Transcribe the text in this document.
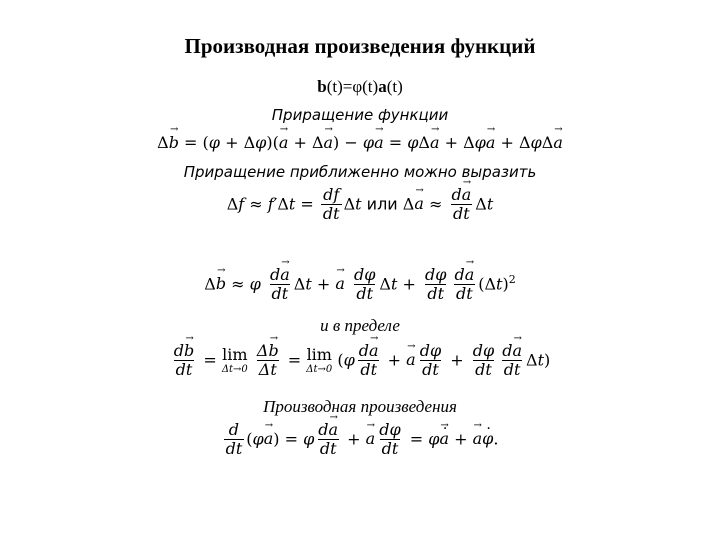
Производная произведения функций
b(t)=φ(t)a(t)
Приращение функции
Δb → = (φ + Δφ)(a → + Δa →) − φa → = φΔa → + Δφa → + ΔφΔa →
Приращение приближенно можно выразить
$\Delta f \approx f'\Delta t = \frac{df}{dt}$ Δt или Δa → ≈ $\frac{da \to}{dt}$ Δt
Δb → ≈ φ $\frac{da \to}{dt}$ $\Delta t + a \to \frac{d\varphi}{dt}$ $\Delta t + \frac{d\varphi}{dt} \frac{da \to}{dt} (\Delta t)^2$
и в пределе
$\frac{db \to}{dt} = \lim$
Δt→0
$\frac{\Delta b \to}{\Delta t} = \lim$
Δt→0 $(\varphi \frac{da \to}{dt} + a \to \frac{d\varphi}{dt} + \frac{d\varphi}{dt} \frac{da \to}{dt} \Delta t)$
Производная произведения
$\frac{d}{dt} (\varphi a$ →) = φ $\frac{da \to}{dt} + a \to \frac{d\varphi}{dt} = \varphi a$ → . + a →φ ..
